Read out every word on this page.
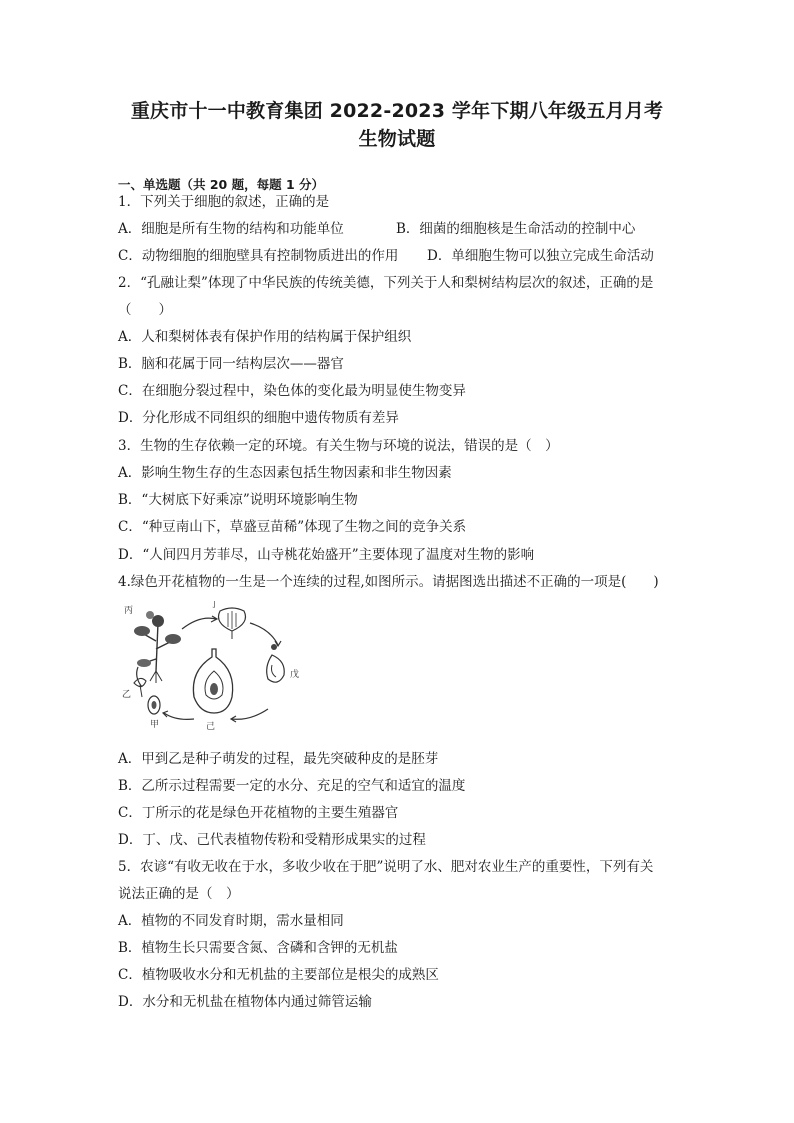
重庆市十一中教育集团 2022-2023 学年下期八年级五月月考
生物试题
一、单选题（共 20 题，每题 1 分）
1．下列关于细胞的叙述，正确的是
A．细胞是所有生物的结构和功能单位	B．细菌的细胞核是生命活动的控制中心
C．动物细胞的细胞壁具有控制物质进出的作用 D．单细胞生物可以独立完成生命活动
2．“孔融让梨”体现了中华民族的传统美德，下列关于人和梨树结构层次的叙述，正确的是
（　　）
A．人和梨树体表有保护作用的结构属于保护组织
B．脑和花属于同一结构层次——器官
C．在细胞分裂过程中，染色体的变化最为明显使生物变异
D．分化形成不同组织的细胞中遗传物质有差异
3．生物的生存依赖一定的环境。有关生物与环境的说法，错误的是（　）
A．影响生物生存的生态因素包括生物因素和非生物因素
B．“大树底下好乘凉”说明环境影响生物
C．“种豆南山下，草盛豆苗稀”体现了生物之间的竞争关系
D．“人间四月芳菲尽，山寺桃花始盛开”主要体现了温度对生物的影响
4.绿色开花植物的一生是一个连续的过程,如图所示。请据图选出描述不正确的一项是(　　)
丙
丁
戊
己
甲
乙
A．甲到乙是种子萌发的过程，最先突破种皮的是胚芽
B．乙所示过程需要一定的水分、充足的空气和适宜的温度
C．丁所示的花是绿色开花植物的主要生殖器官
D．丁、戊、己代表植物传粉和受精形成果实的过程
5．农谚“有收无收在于水，多收少收在于肥”说明了水、肥对农业生产的重要性，下列有关
说法正确的是（　）
A．植物的不同发育时期，需水量相同
B．植物生长只需要含氮、含磷和含钾的无机盐
C．植物吸收水分和无机盐的主要部位是根尖的成熟区
D．水分和无机盐在植物体内通过筛管运输
